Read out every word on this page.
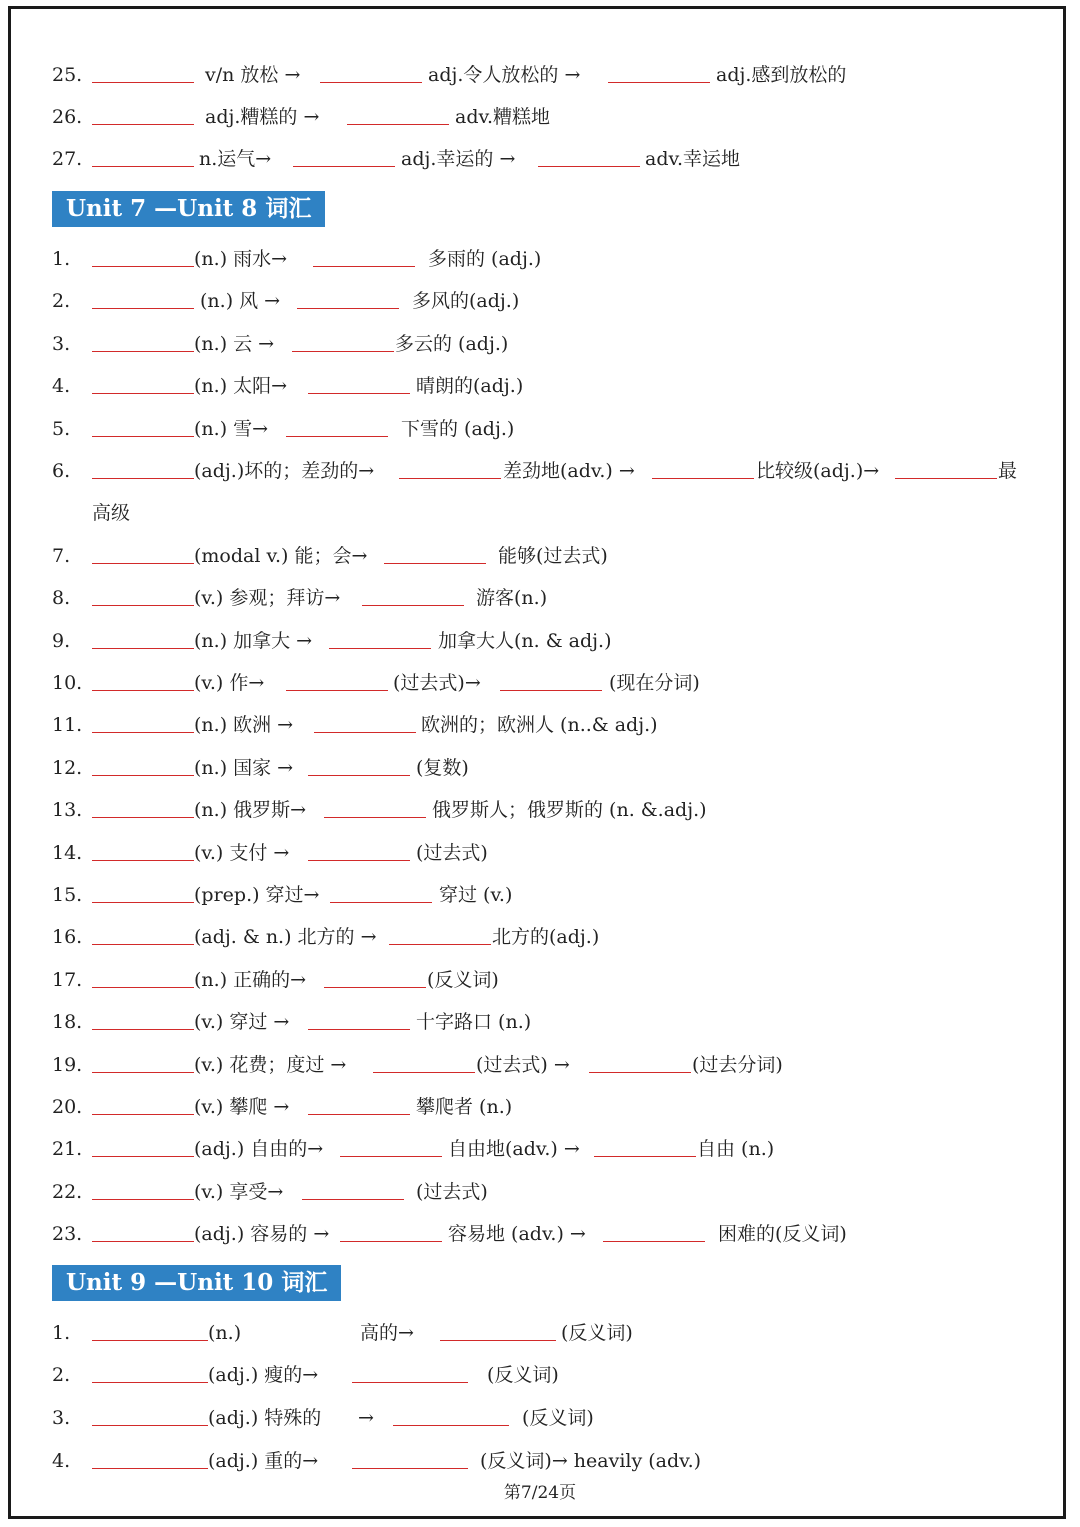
25.	v/n 放松 →	adj.令人放松的 →	adj.感到放松的
26.	adj.糟糕的 →	adv.糟糕地
27.	n.运气→	adj.幸运的 →	adv.幸运地
1.	(n.) 雨水→	多雨的 (adj.)
2.	(n.) 风 →	多风的(adj.)
3.	(n.) 云 →	多云的 (adj.)
4.	(n.) 太阳→	晴朗的(adj.)
5.	(n.) 雪→	下雪的 (adj.)
6.	(adj.)坏的；差劲的→	差劲地(adv.) →	比较级(adj.)→	最
高级
7.	(modal v.) 能；会→	能够(过去式)
8.	(v.) 参观；拜访→	游客(n.)
9.	(n.) 加拿大 →	加拿大人(n. & adj.)
10.	(v.) 作→	(过去式)→	(现在分词)
11.	(n.) 欧洲 →	欧洲的；欧洲人 (n..& adj.)
12.	(n.) 国家 →	(复数)
13.	(n.) 俄罗斯→	俄罗斯人；俄罗斯的 (n. &.adj.)
14.	(v.) 支付 →	(过去式)
15.	(prep.) 穿过→	穿过 (v.)
16.	(adj. & n.) 北方的 →	北方的(adj.)
17.	(n.) 正确的→	(反义词)
18.	(v.) 穿过 →	十字路口 (n.)
19.	(v.) 花费；度过 →	(过去式) →	(过去分词)
20.	(v.) 攀爬 →	攀爬者 (n.)
21.	(adj.) 自由的→	自由地(adv.) →	自由 (n.)
22.	(v.) 享受→	(过去式)
23.	(adj.) 容易的 →	容易地 (adv.) →	困难的(反义词)
1.	(n.)	高的→	(反义词)
2.	(adj.) 瘦的→	(反义词)
3.	(adj.) 特殊的 →	(反义词)
4.	(adj.) 重的→	(反义词)→ heavily (adv.)
Unit 7 —Unit 8 词汇
Unit 9 —Unit 10 词汇
第7/24页
